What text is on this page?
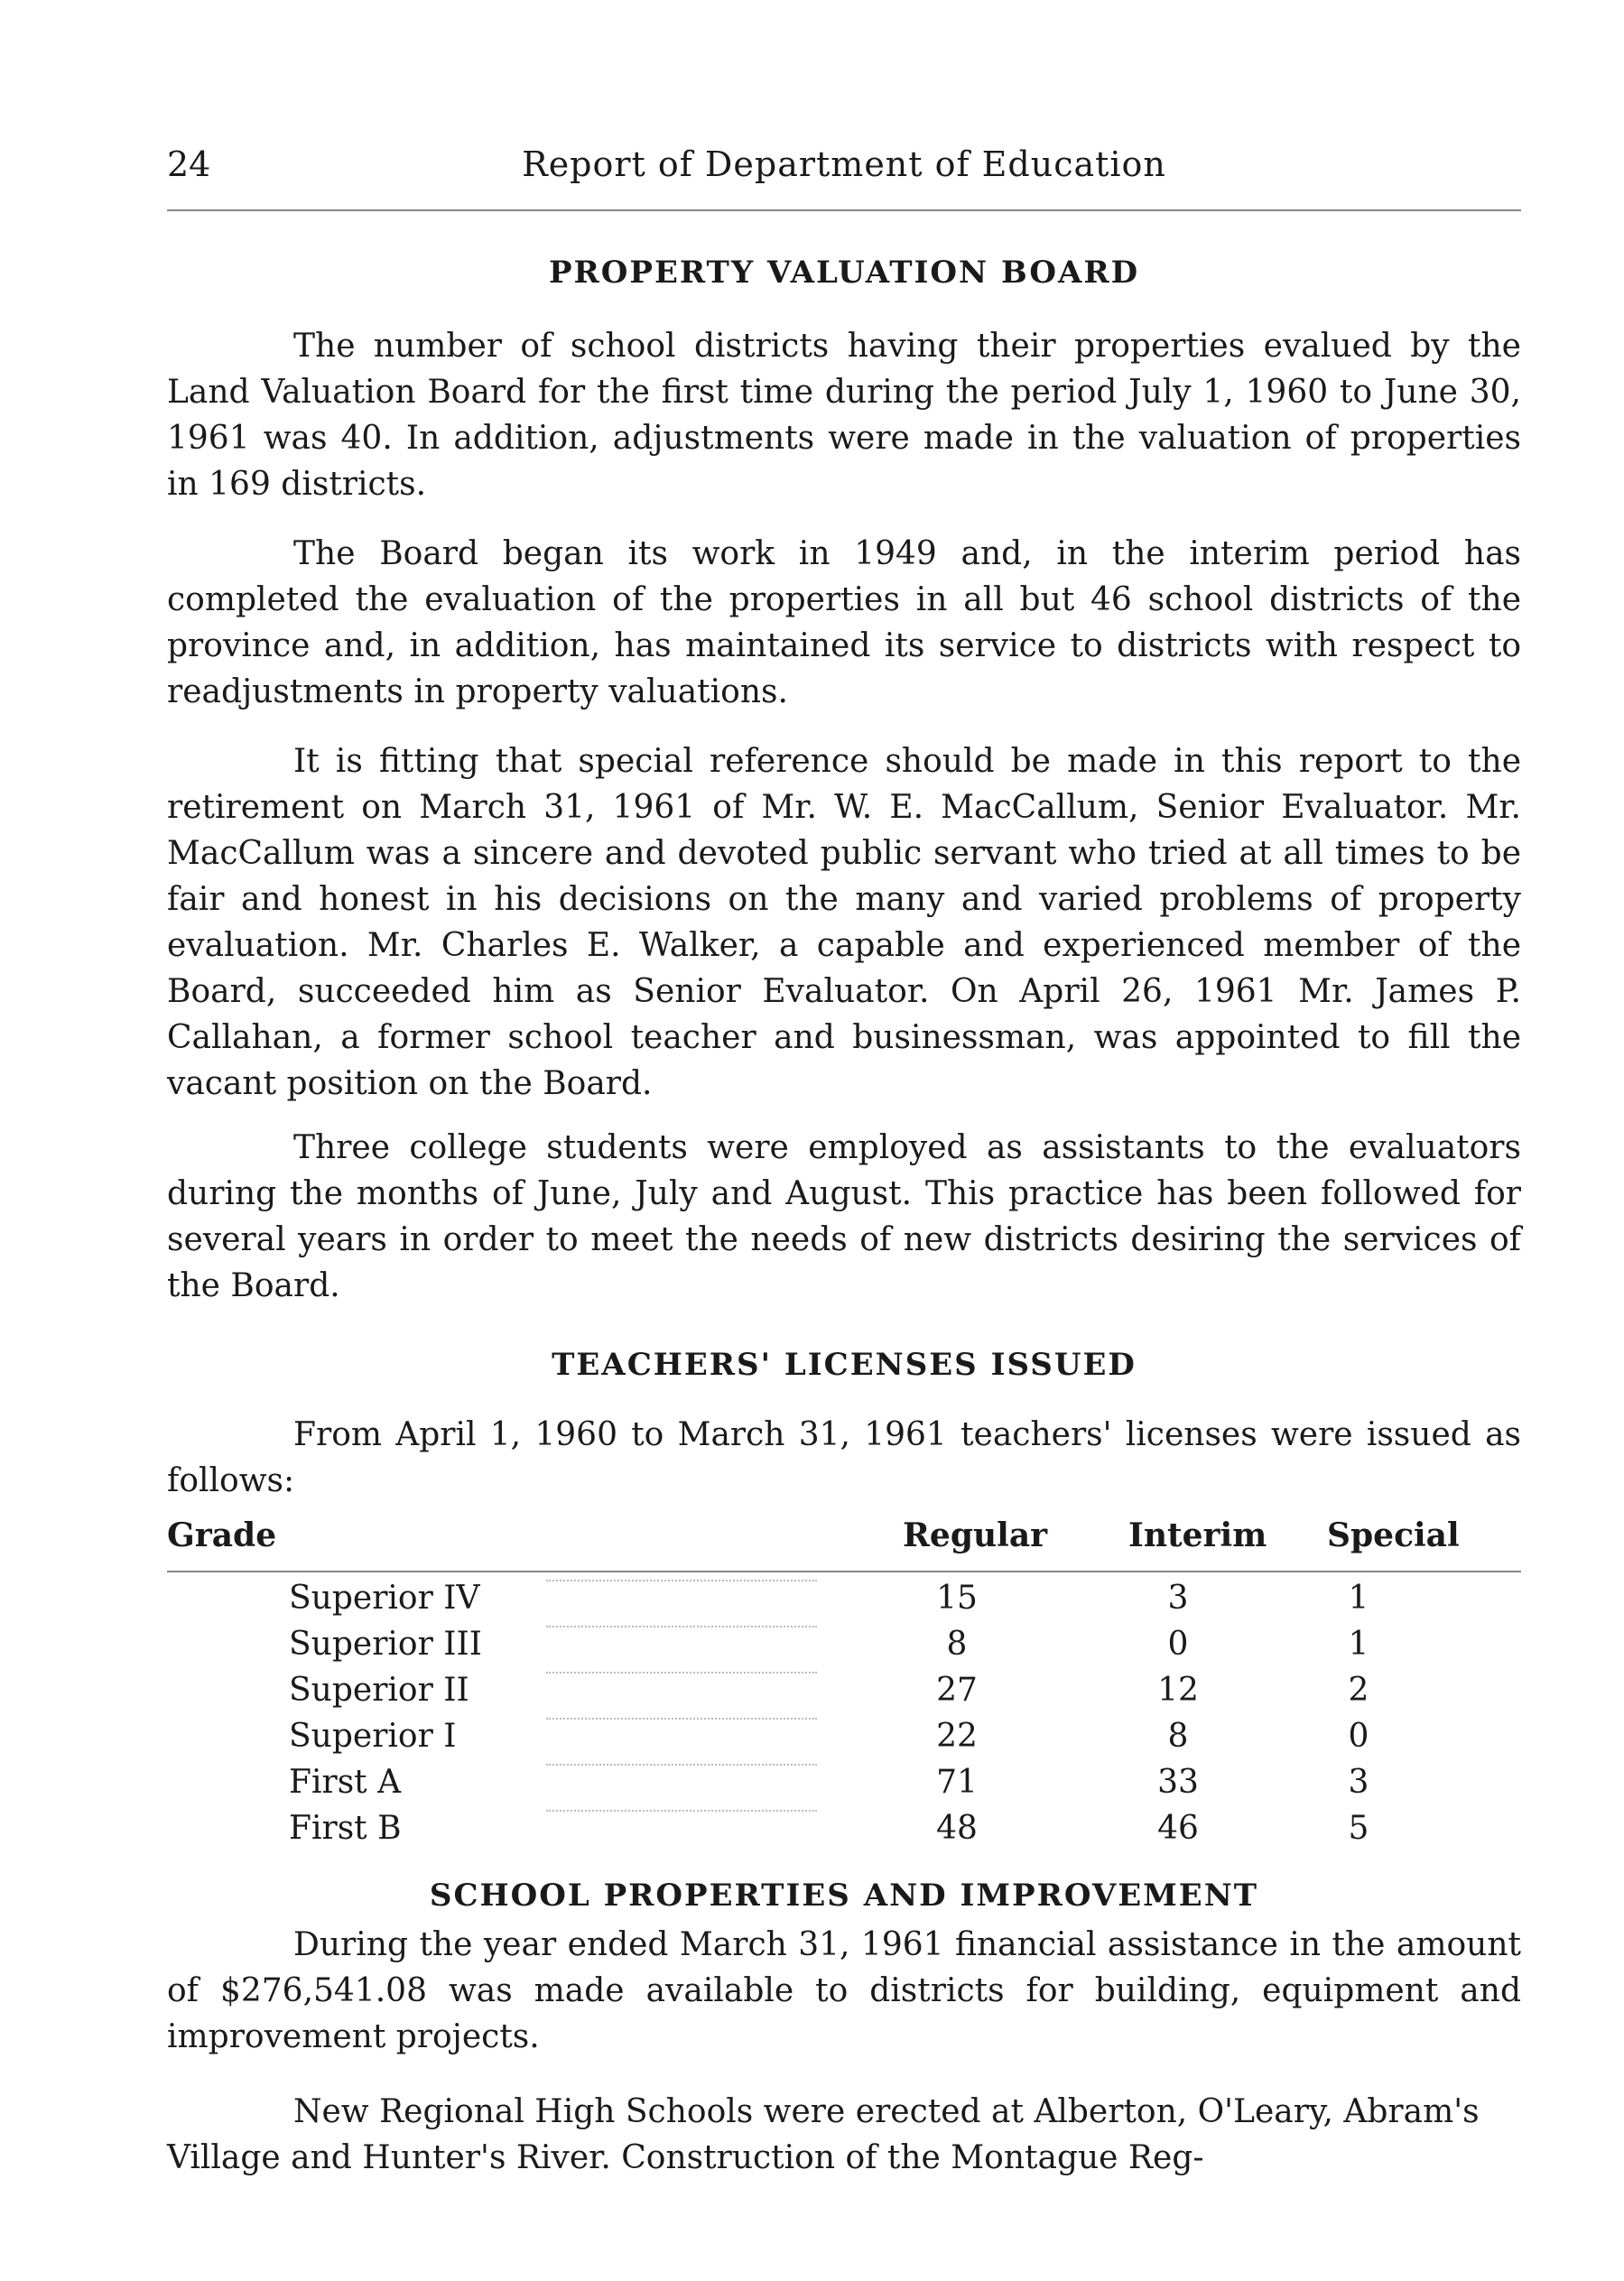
24	Report of Department of Education
PROPERTY VALUATION BOARD

The number of school districts having their properties evalued by the Land Valuation Board for the first time during the period July 1, 1960 to June 30, 1961 was 40. In addition, adjustments were made in the valuation of properties in 169 districts.

The Board began its work in 1949 and, in the interim period has completed the evaluation of the properties in all but 46 school districts of the province and, in addition, has maintained its service to districts with respect to readjustments in property valuations.

It is fitting that special reference should be made in this report to the retirement on March 31, 1961 of Mr. W. E. MacCallum, Senior Evaluator. Mr. MacCallum was a sincere and devoted public servant who tried at all times to be fair and honest in his decisions on the many and varied problems of property evaluation. Mr. Charles E. Walker, a capable and experienced member of the Board, succeeded him as Senior Evaluator. On April 26, 1961 Mr. James P. Callahan, a former school teacher and businessman, was appointed to fill the vacant position on the Board.

Three college students were employed as assistants to the evaluators during the months of June, July and August. This practice has been followed for several years in order to meet the needs of new districts desiring the services of the Board.

TEACHERS' LICENSES ISSUED

From April 1, 1960 to March 31, 1961 teachers' licenses were issued as follows:

Grade	Regular Interim Special
Superior IV	15	3	1
Superior III	8	0	1
Superior II	27	12	2
Superior I	22	8	0
First A	71	33	3
First B	48	46	5
SCHOOL PROPERTIES AND IMPROVEMENT

During the year ended March 31, 1961 financial assistance in the amount of $276,541.08 was made available to districts for building, equipment and improvement projects.

New Regional High Schools were erected at Alberton, O'Leary, Abram's Village and Hunter's River. Construction of the Montague Reg-
